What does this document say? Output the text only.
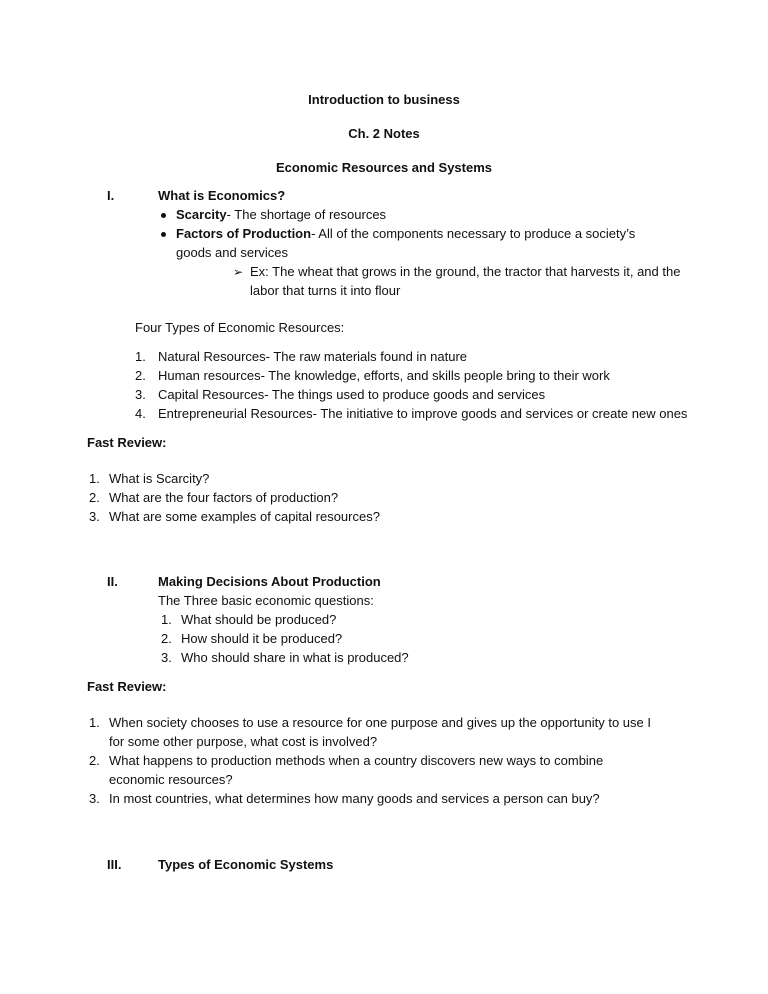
Introduction to business
Ch. 2 Notes
Economic Resources and Systems
I.	What is Economics?
Scarcity- The shortage of resources
Factors of Production- All of the components necessary to produce a society’s
goods and services
➢ Ex: The wheat that grows in the ground, the tractor that harvests it, and the
labor that turns it into flour
Four Types of Economic Resources:
1. Natural Resources- The raw materials found in nature
2. Human resources- The knowledge, efforts, and skills people bring to their work
3. Capital Resources- The things used to produce goods and services
4. Entrepreneurial Resources- The initiative to improve goods and services or create new ones
Fast Review:
1. What is Scarcity?
2. What are the four factors of production?
3. What are some examples of capital resources?
II.	Making Decisions About Production
The Three basic economic questions:
1. What should be produced?
2. How should it be produced?
3. Who should share in what is produced?
Fast Review:
1. When society chooses to use a resource for one purpose and gives up the opportunity to use I
for some other purpose, what cost is involved?
2. What happens to production methods when a country discovers new ways to combine
economic resources?
3. In most countries, what determines how many goods and services a person can buy?
III.	Types of Economic Systems
